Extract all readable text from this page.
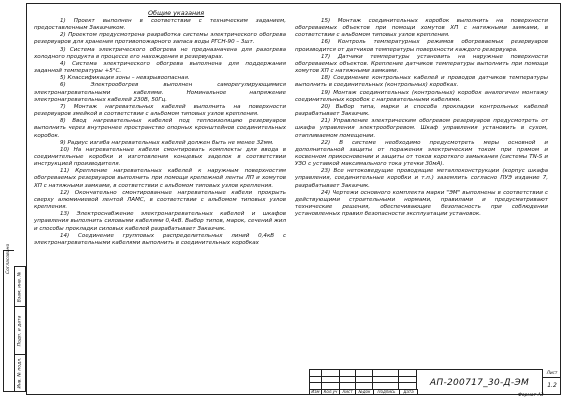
Инв. № подл.
Подп. и дата
Взам. инв. №
Согласовано
Общие указания

1) Проект выполнен в соответствии с техническим заданием, предоставленным Заказчиком.

2) Проектом предусмотрена разработка системы электрического обогрева резервуаров для хранения противопожарного запаса воды РГСН-90 – 3шт.

3) Система электрического обогрева не предназначена для разогрева холодного продукта в процессе его нахождения в резервуарах.

4) Система электрического обогрева выполнена для поддержания заданной температуры +5°С.

5) Классификация зоны – невзрывоопасная.

6) Электрообогрев выполнен саморегулирующимися электронагревательными кабелями. Номинальное напряжение электронагревательных кабелей 230В, 50Гц.

7) Монтаж нагревательных кабелей выполнить на поверхности резервуаров змейкой в соответствии с альбомом типовых узлов крепления.

8) Ввод нагревательных кабелей под теплоизоляцию резервуаров выполнить через внутреннее пространство опорных кронштейнов соединительных коробок.

9) Радиус изгиба нагревательных кабелей должен быть не менее 32мм.

10) На нагревательные кабели смонтировать комплекты для ввода в соединительные коробки и изготовления концевых заделок в соответствии инструкцией производителя.

11) Крепление нагревательных кабелей к наружным поверхностям обогреваемых резервуаров выполнить при помощи крепежной ленты ЛП и хомутов ХП с натяжными замками, в соответствии с альбомом типовых узлов крепления.

12) Окончательно смонтированные нагревательные кабели прокрыть сверху алюминиевой лентой ЛАМС, в соответствии с альбомом типовых узлов крепления.

13) Электроснабжение электронагревательных кабелей и шкафов управления выполнить силовыми кабелями 0,4кВ. Выбор типов, марок, сечений жил и способы прокладки силовых кабелей разрабатывает Заказчик.

14) Соединение групповых распределительных линий 0,4кВ с электронагревательными кабелями выполнить в соединительных коробках

15) Монтаж соединительных коробок выполнить на поверхности обогреваемых объектов при помощи хомутов ХП с натяжными замками, в соответствии с альбомом типовых узлов крепления.

16) Контроль температурных режимов обогреваемых резервуаров производится от датчиков температуры поверхности каждого резервуара.

17) Датчики температуры установить на наружные поверхности обогреваемых объектов. Крепление датчиков температуры выполнить при помощи хомутов ХП с натяжными замками.

18) Соединение контрольных кабелей и проводов датчиков температуры выполнить в соединительных (контрольных) коробках.

19) Монтаж соединительных (контрольных) коробок аналогичен монтажу соединительных коробок с нагревательными кабелями.

20) Выбор типа, марки и способа прокладки контрольных кабелей разрабатывает Заказчик.

21) Управление электрическим обогревом резервуаров предусмотреть от шкафа управления электрообогревом. Шкаф управления установить в сухом, отапливаемом помещении.

22) В системе необходимо предусмотреть меры основной и дополнительной защиты от поражения электрическим током при прямом и косвенном прикосновении и защиты от токов короткого замыкания (системы TN-S и УЗО с уставкой максимального тока утечки 30мА).

23) Все нетоковедущие проводящие металлоконструкции (корпус шкафа управления, соединительные коробки и т.п.) заземлить согласно ПУЭ издание 7, разрабатывает Заказчик.

24) Чертежи основного комплекта марки "ЭМ" выполнены в соответствии с действующими строительными нормами, правилами и предусматривают технические решения, обеспечивающие безопасность при соблюдении установленных правил безопасности эксплуатации установок.

Изм	Кол.уч	Лист	№док	Подпись	Дата
АП-200717_30-Д-ЭМ
Лист
1.2
Формат А3
